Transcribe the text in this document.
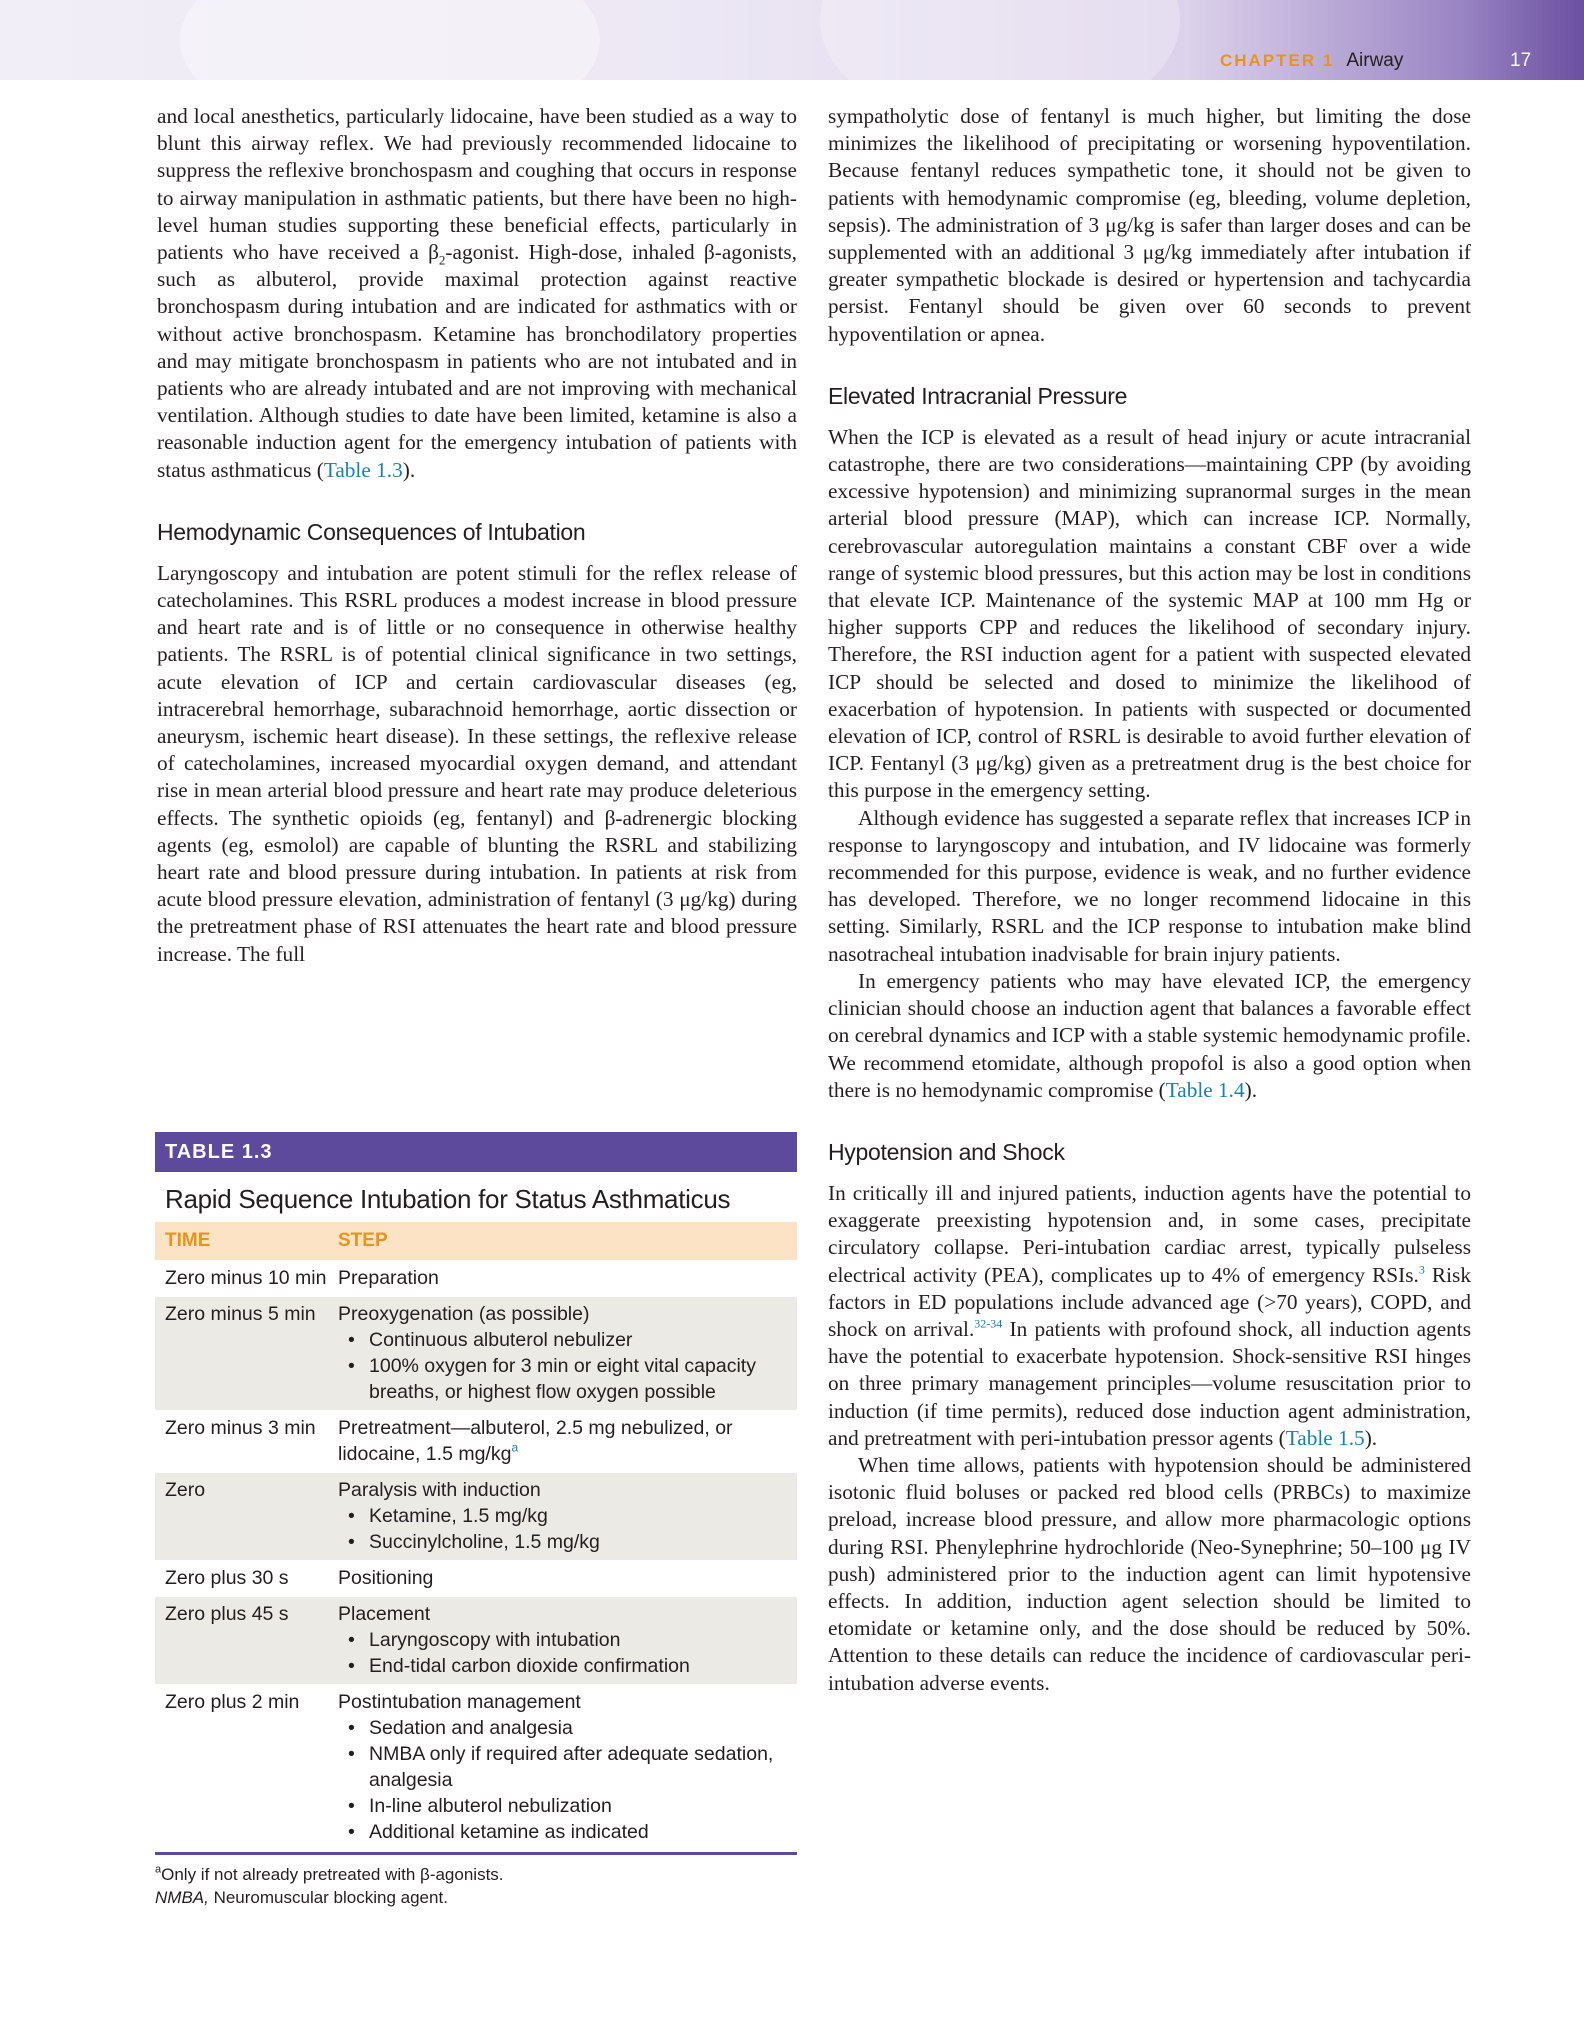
CHAPTER 1 Airway	17

and local anesthetics, particularly lidocaine, have been studied as a way to blunt this airway reflex. We had previously recommended lidocaine to suppress the reflexive bronchospasm and coughing that occurs in response to airway manipulation in asthmatic patients, but there have been no high-level human studies supporting these beneficial effects, particularly in patients who have received a $\beta_2$-agonist. High-dose, inhaled β-agonists, such as albuterol, provide maximal protection against reactive bronchospasm during intubation and are indicated for asthmatics with or without active bronchospasm. Ketamine has bronchodilatory properties and may mitigate bronchospasm in patients who are not intubated and in patients who are already intubated and are not improving with mechanical ventilation. Although studies to date have been limited, ketamine is also a reasonable induction agent for the emergency intubation of patients with status asthmaticus (Table 1.3).

Hemodynamic Consequences of Intubation

Laryngoscopy and intubation are potent stimuli for the reflex release of catecholamines. This RSRL produces a modest increase in blood pressure and heart rate and is of little or no consequence in otherwise healthy patients. The RSRL is of potential clinical significance in two settings, acute elevation of ICP and certain cardiovascular diseases (eg, intracerebral hemorrhage, subarachnoid hemorrhage, aortic dissection or aneurysm, ischemic heart disease). In these settings, the reflexive release of catecholamines, increased myocardial oxygen demand, and attendant rise in mean arterial blood pressure and heart rate may produce deleterious effects. The synthetic opioids (eg, fentanyl) and β-adrenergic blocking agents (eg, esmolol) are capable of blunting the RSRL and stabilizing heart rate and blood pressure during intubation. In patients at risk from acute blood pressure elevation, administration of fentanyl (3 μg/kg) during the pretreatment phase of RSI attenuates the heart rate and blood pressure increase. The full

TABLE 1.3
Rapid Sequence Intubation for Status Asthmaticus
TIME	STEP
Zero minus 10 min Preparation
Zero minus 5 min	Preoxygenation (as possible)
• Continuous albuterol nebulizer
• 100% oxygen for 3 min or eight vital capacity breaths, or highest flow oxygen possible
Zero minus 3 min	Pretreatment—albuterol, 2.5 mg nebulized, or lidocaine, 1.5 mg/kg$^a$
Zero	Paralysis with induction
• Ketamine, 1.5 mg/kg
• Succinylcholine, 1.5 mg/kg
Zero plus 30 s	Positioning
Zero plus 45 s	Placement
• Laryngoscopy with intubation
• End-tidal carbon dioxide confirmation
Zero plus 2 min	Postintubation management
• Sedation and analgesia
• NMBA only if required after adequate sedation, analgesia
• In-line albuterol nebulization
• Additional ketamine as indicated
$^a$Only if not already pretreated with β-agonists.
NMBA, Neuromuscular blocking agent.

sympatholytic dose of fentanyl is much higher, but limiting the dose minimizes the likelihood of precipitating or worsening hypoventilation. Because fentanyl reduces sympathetic tone, it should not be given to patients with hemodynamic compromise (eg, bleeding, volume depletion, sepsis). The administration of 3 μg/kg is safer than larger doses and can be supplemented with an additional 3 μg/kg immediately after intubation if greater sympathetic blockade is desired or hypertension and tachycardia persist. Fentanyl should be given over 60 seconds to prevent hypoventilation or apnea.

Elevated Intracranial Pressure

When the ICP is elevated as a result of head injury or acute intracranial catastrophe, there are two considerations—maintaining CPP (by avoiding excessive hypotension) and minimizing supranormal surges in the mean arterial blood pressure (MAP), which can increase ICP. Normally, cerebrovascular autoregulation maintains a constant CBF over a wide range of systemic blood pressures, but this action may be lost in conditions that elevate ICP. Maintenance of the systemic MAP at 100 mm Hg or higher supports CPP and reduces the likelihood of secondary injury. Therefore, the RSI induction agent for a patient with suspected elevated ICP should be selected and dosed to minimize the likelihood of exacerbation of hypotension. In patients with suspected or documented elevation of ICP, control of RSRL is desirable to avoid further elevation of ICP. Fentanyl (3 μg/kg) given as a pretreatment drug is the best choice for this purpose in the emergency setting.

Although evidence has suggested a separate reflex that increases ICP in response to laryngoscopy and intubation, and IV lidocaine was formerly recommended for this purpose, evidence is weak, and no further evidence has developed. Therefore, we no longer recommend lidocaine in this setting. Similarly, RSRL and the ICP response to intubation make blind nasotracheal intubation inadvisable for brain injury patients.

In emergency patients who may have elevated ICP, the emergency clinician should choose an induction agent that balances a favorable effect on cerebral dynamics and ICP with a stable systemic hemodynamic profile. We recommend etomidate, although propofol is also a good option when there is no hemodynamic compromise (Table 1.4).

Hypotension and Shock

In critically ill and injured patients, induction agents have the potential to exaggerate preexisting hypotension and, in some cases, precipitate circulatory collapse. Peri-intubation cardiac arrest, typically pulseless electrical activity (PEA), complicates up to 4% of emergency RSIs.$^3$ Risk factors in ED populations include advanced age (>70 years), COPD, and shock on arrival.$^{32-34}$ In patients with profound shock, all induction agents have the potential to exacerbate hypotension. Shock-sensitive RSI hinges on three primary management principles—volume resuscitation prior to induction (if time permits), reduced dose induction agent administration, and pretreatment with peri-intubation pressor agents (Table 1.5).

When time allows, patients with hypotension should be administered isotonic fluid boluses or packed red blood cells (PRBCs) to maximize preload, increase blood pressure, and allow more pharmacologic options during RSI. Phenylephrine hydrochloride (Neo-Synephrine; 50–100 μg IV push) administered prior to the induction agent can limit hypotensive effects. In addition, induction agent selection should be limited to etomidate or ketamine only, and the dose should be reduced by 50%. Attention to these details can reduce the incidence of cardiovascular peri-intubation adverse events.
